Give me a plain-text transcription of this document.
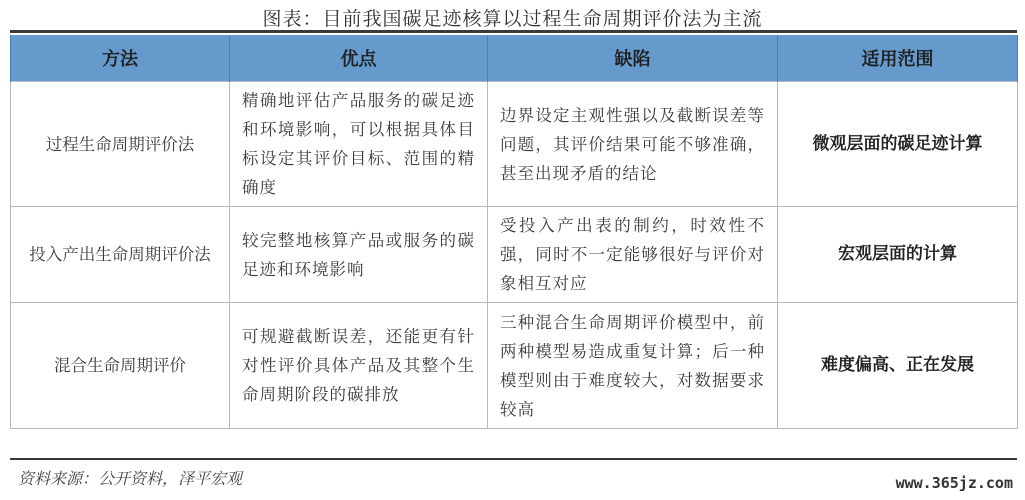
图表：目前我国碳足迹核算以过程生命周期评价法为主流
方法	优点	缺陷	适用范围
过程生命周期评价法	精确地评估产品服务的碳足迹和环境影响，可以根据具体目标设定其评价目标、范围的精确度	边界设定主观性强以及截断误差等问题，其评价结果可能不够准确，甚至出现矛盾的结论	微观层面的碳足迹计算
投入产出生命周期评价法	较完整地核算产品或服务的碳足迹和环境影响	受投入产出表的制约，时效性不强，同时不一定能够很好与评价对象相互对应	宏观层面的计算
混合生命周期评价	可规避截断误差，还能更有针对性评价具体产品及其整个生命周期阶段的碳排放	三种混合生命周期评价模型中，前两种模型易造成重复计算；后一种模型则由于难度较大，对数据要求较高	难度偏高、正在发展
资料来源：公开资料，泽平宏观	www.365jz.com
